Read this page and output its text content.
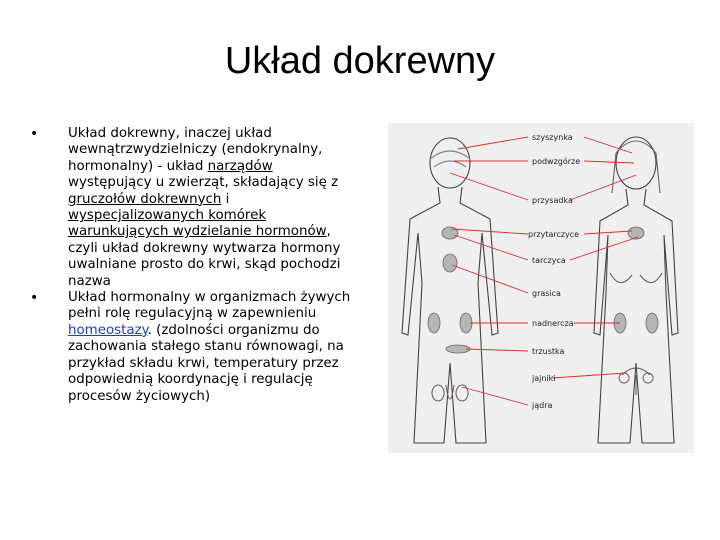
Układ dokrewny
•	Układ dokrewny, inaczej układ wewnątrzwydzielniczy (endokrynalny, hormonalny) - układ narządów występujący u zwierząt, składający się z gruczołów dokrewnych i wyspecjalizowanych komórek warunkujących wydzielanie hormonów, czyli układ dokrewny wytwarza hormony uwalniane prosto do krwi, skąd pochodzi nazwa
•	Układ hormonalny w organizmach żywych pełni rolę regulacyjną w zapewnieniu homeostazy. (zdolności organizmu do zachowania stałego stanu równowagi, na przykład składu krwi, temperatury przez odpowiednią koordynację i regulację procesów życiowych)
szyszynka
podwzgórze
przysadka
przytarczyce
tarczyca
grasica
nadnercza
trzustka
jajniki
jądra
